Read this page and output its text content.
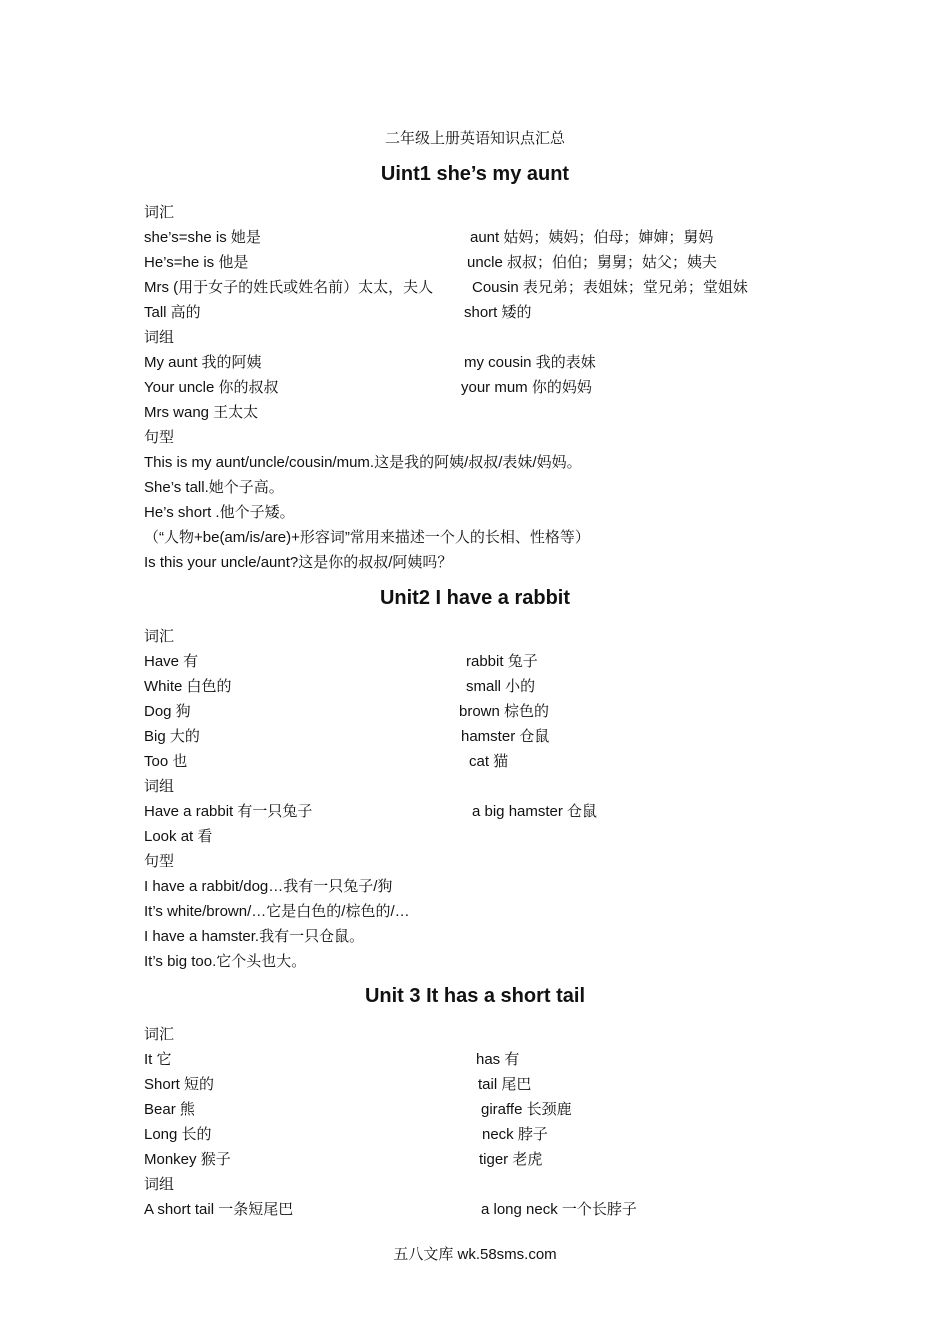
二年级上册英语知识点汇总
Uint1 she’s my aunt
词汇
she’s=she is 她是	aunt 姑妈；姨妈；伯母；婶婶；舅妈
He’s=he is 他是	uncle 叔叔；伯伯；舅舅；姑父；姨夫
Mrs (用于女子的姓氏或姓名前）太太，夫人	Cousin 表兄弟；表姐妹；堂兄弟；堂姐妹
Tall 高的	short 矮的
词组
My aunt 我的阿姨	my cousin 我的表妹
Your uncle 你的叔叔	your mum 你的妈妈
Mrs wang 王太太
句型
This is my aunt/uncle/cousin/mum.这是我的阿姨/叔叔/表妹/妈妈。
She’s tall.她个子高。
He’s short .他个子矮。
（“人物+be(am/is/are)+形容词”常用来描述一个人的长相、性格等）
Is this your uncle/aunt?这是你的叔叔/阿姨吗？
Unit2 I have a rabbit
词汇
Have 有	rabbit 兔子
White 白色的	small 小的
Dog 狗	brown 棕色的
Big 大的	hamster 仓鼠
Too 也	cat 猫
词组
Have a rabbit 有一只兔子	a big hamster 仓鼠
Look at 看
句型
I have a rabbit/dog…我有一只兔子/狗
It’s white/brown/…它是白色的/棕色的/…
I have a hamster.我有一只仓鼠。
It’s big too.它个头也大。
Unit 3 It has a short tail
词汇
It 它	has 有
Short 短的	tail 尾巴
Bear 熊	giraffe 长颈鹿
Long 长的	neck 脖子
Monkey 猴子	tiger 老虎
词组
A short tail 一条短尾巴	a long neck 一个长脖子
五八文库 wk.58sms.com
